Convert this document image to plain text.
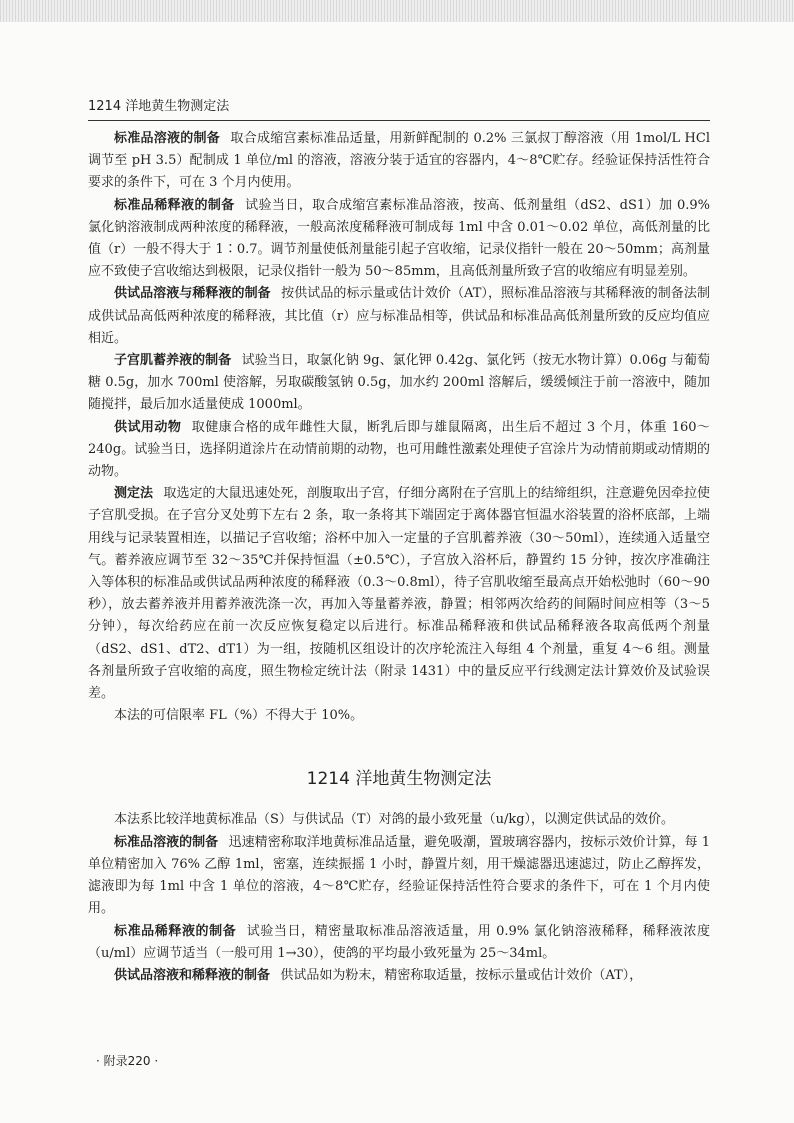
1214 洋地黄生物测定法

标准品溶液的制备 取合成缩宫素标准品适量，用新鲜配制的 0.2% 三氯叔丁醇溶液（用 1mol/L HCl 调节至 pH 3.5）配制成 1 单位/ml 的溶液，溶液分装于适宜的容器内，4～8℃贮存。经验证保持活性符合要求的条件下，可在 3 个月内使用。

标准品稀释液的制备 试验当日，取合成缩宫素标准品溶液，按高、低剂量组（dS2、dS1）加 0.9% 氯化钠溶液制成两种浓度的稀释液，一般高浓度稀释液可制成每 1ml 中含 0.01～0.02 单位，高低剂量的比值（r）一般不得大于 1∶0.7。调节剂量使低剂量能引起子宫收缩，记录仪指针一般在 20～50mm；高剂量应不致使子宫收缩达到极限，记录仪指针一般为 50～85mm，且高低剂量所致子宫的收缩应有明显差别。

供试品溶液与稀释液的制备 按供试品的标示量或估计效价（AT），照标准品溶液与其稀释液的制备法制成供试品高低两种浓度的稀释液，其比值（r）应与标准品相等，供试品和标准品高低剂量所致的反应均值应相近。

子宫肌蓄养液的制备 试验当日，取氯化钠 9g、氯化钾 0.42g、氯化钙（按无水物计算）0.06g 与葡萄糖 0.5g，加水 700ml 使溶解，另取碳酸氢钠 0.5g，加水约 200ml 溶解后，缓缓倾注于前一溶液中，随加随搅拌，最后加水适量使成 1000ml。

供试用动物 取健康合格的成年雌性大鼠，断乳后即与雄鼠隔离，出生后不超过 3 个月，体重 160～240g。试验当日，选择阴道涂片在动情前期的动物，也可用雌性激素处理使子宫涂片为动情前期或动情期的动物。

测定法 取选定的大鼠迅速处死，剖腹取出子宫，仔细分离附在子宫肌上的结缔组织，注意避免因牵拉使子宫肌受损。在子宫分叉处剪下左右 2 条，取一条将其下端固定于离体器官恒温水浴装置的浴杯底部，上端用线与记录装置相连，以描记子宫收缩；浴杯中加入一定量的子宫肌蓄养液（30～50ml），连续通入适量空气。蓄养液应调节至 32～35℃并保持恒温（±0.5℃），子宫放入浴杯后，静置约 15 分钟，按次序准确注入等体积的标准品或供试品两种浓度的稀释液（0.3～0.8ml），待子宫肌收缩至最高点开始松弛时（60～90 秒），放去蓄养液并用蓄养液洗涤一次，再加入等量蓄养液，静置；相邻两次给药的间隔时间应相等（3～5 分钟），每次给药应在前一次反应恢复稳定以后进行。标准品稀释液和供试品稀释液各取高低两个剂量（dS2、dS1、dT2、dT1）为一组，按随机区组设计的次序轮流注入每组 4 个剂量，重复 4～6 组。测量各剂量所致子宫收缩的高度，照生物检定统计法（附录 1431）中的量反应平行线测定法计算效价及试验误差。

本法的可信限率 FL（%）不得大于 10%。

1214 洋地黄生物测定法

本法系比较洋地黄标准品（S）与供试品（T）对鸽的最小致死量（u/kg），以测定供试品的效价。

标准品溶液的制备 迅速精密称取洋地黄标准品适量，避免吸潮，置玻璃容器内，按标示效价计算，每 1 单位精密加入 76% 乙醇 1ml，密塞，连续振摇 1 小时，静置片刻，用干燥滤器迅速滤过，防止乙醇挥发，滤液即为每 1ml 中含 1 单位的溶液，4～8℃贮存，经验证保持活性符合要求的条件下，可在 1 个月内使用。

标准品稀释液的制备 试验当日，精密量取标准品溶液适量，用 0.9% 氯化钠溶液稀释，稀释液浓度（u/ml）应调节适当（一般可用 1→30），使鸽的平均最小致死量为 25～34ml。

供试品溶液和稀释液的制备 供试品如为粉末，精密称取适量，按标示量或估计效价（AT），

· 附录220 ·
